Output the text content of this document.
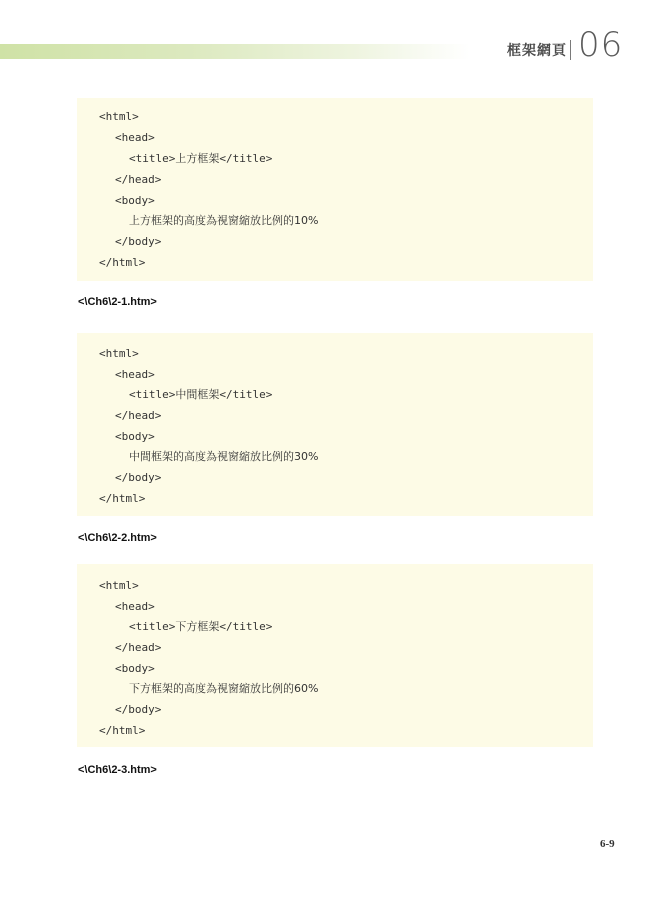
框架網頁 06
<html>
<head>
<title>上方框架</title>
</head>
<body>
上方框架的高度為視窗縮放比例的10%
</body>
</html>
<\Ch6\2-1.htm>
<html>
<head>
<title>中間框架</title>
</head>
<body>
中間框架的高度為視窗縮放比例的30%
</body>
</html>
<\Ch6\2-2.htm>
<html>
<head>
<title>下方框架</title>
</head>
<body>
下方框架的高度為視窗縮放比例的60%
</body>
</html>
<\Ch6\2-3.htm>
6-9
